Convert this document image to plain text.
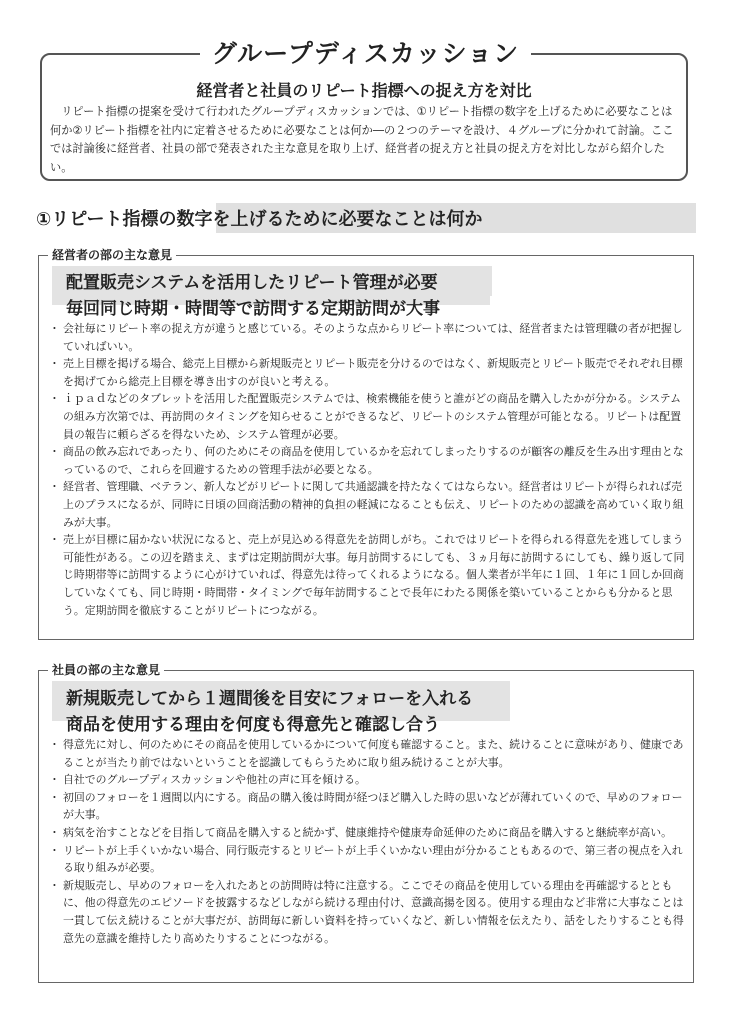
グループディスカッション
経営者と社員のリピート指標への捉え方を対比

リピート指標の提案を受けて行われたグループディスカッションでは、①リピート指標の数字を上げるために必要なことは何か②リピート指標を社内に定着させるために必要なことは何か―の２つのテーマを設け、４グループに分かれて討論。ここでは討論後に経営者、社員の部で発表された主な意見を取り上げ、経営者の捉え方と社員の捉え方を対比しながら紹介したい。

①リピート指標の数字を上げるために必要なことは何か
経営者の部の主な意見
配置販売システムを活用したリピート管理が必要
毎回同じ時期・時間等で訪問する定期訪問が大事
・ 会社毎にリピート率の捉え方が違うと感じている。そのような点からリピート率については、経営者または管理職の者が把握していればいい。
・ 売上目標を掲げる場合、総売上目標から新規販売とリピート販売を分けるのではなく、新規販売とリピート販売でそれぞれ目標を掲げてから総売上目標を導き出すのが良いと考える。
・ ｉｐａｄなどのタブレットを活用した配置販売システムでは、検索機能を使うと誰がどの商品を購入したかが分かる。システムの組み方次第では、再訪問のタイミングを知らせることができるなど、リピートのシステム管理が可能となる。リピートは配置員の報告に頼らざるを得ないため、システム管理が必要。
・ 商品の飲み忘れであったり、何のためにその商品を使用しているかを忘れてしまったりするのが顧客の離反を生み出す理由となっているので、これらを回避するための管理手法が必要となる。
・ 経営者、管理職、ベテラン、新人などがリピートに関して共通認識を持たなくてはならない。経営者はリピートが得られれば売上のプラスになるが、同時に日頃の回商活動の精神的負担の軽減になることも伝え、リピートのための認識を高めていく取り組みが大事。
・ 売上が目標に届かない状況になると、売上が見込める得意先を訪問しがち。これではリピートを得られる得意先を逃してしまう可能性がある。この辺を踏まえ、まずは定期訪問が大事。毎月訪問するにしても、３ヵ月毎に訪問するにしても、繰り返して同じ時期帯等に訪問するように心がけていれば、得意先は待ってくれるようになる。個人業者が半年に１回、１年に１回しか回商していなくても、同じ時期・時間帯・タイミングで毎年訪問することで長年にわたる関係を築いていることからも分かると思う。定期訪問を徹底することがリピートにつながる。
社員の部の主な意見
新規販売してから１週間後を目安にフォローを入れる
商品を使用する理由を何度も得意先と確認し合う
・ 得意先に対し、何のためにその商品を使用しているかについて何度も確認すること。また、続けることに意味があり、健康であることが当たり前ではないということを認識してもらうために取り組み続けることが大事。
・ 自社でのグループディスカッションや他社の声に耳を傾ける。
・ 初回のフォローを１週間以内にする。商品の購入後は時間が経つほど購入した時の思いなどが薄れていくので、早めのフォローが大事。
・ 病気を治すことなどを目指して商品を購入すると続かず、健康維持や健康寿命延伸のために商品を購入すると継続率が高い。
・ リピートが上手くいかない場合、同行販売するとリピートが上手くいかない理由が分かることもあるので、第三者の視点を入れる取り組みが必要。
・ 新規販売し、早めのフォローを入れたあとの訪問時は特に注意する。ここでその商品を使用している理由を再確認するとともに、他の得意先のエピソードを披露するなどしながら続ける理由付け、意識高揚を図る。使用する理由など非常に大事なことは一貫して伝え続けることが大事だが、訪問毎に新しい資料を持っていくなど、新しい情報を伝えたり、話をしたりすることも得意先の意識を維持したり高めたりすることにつながる。
